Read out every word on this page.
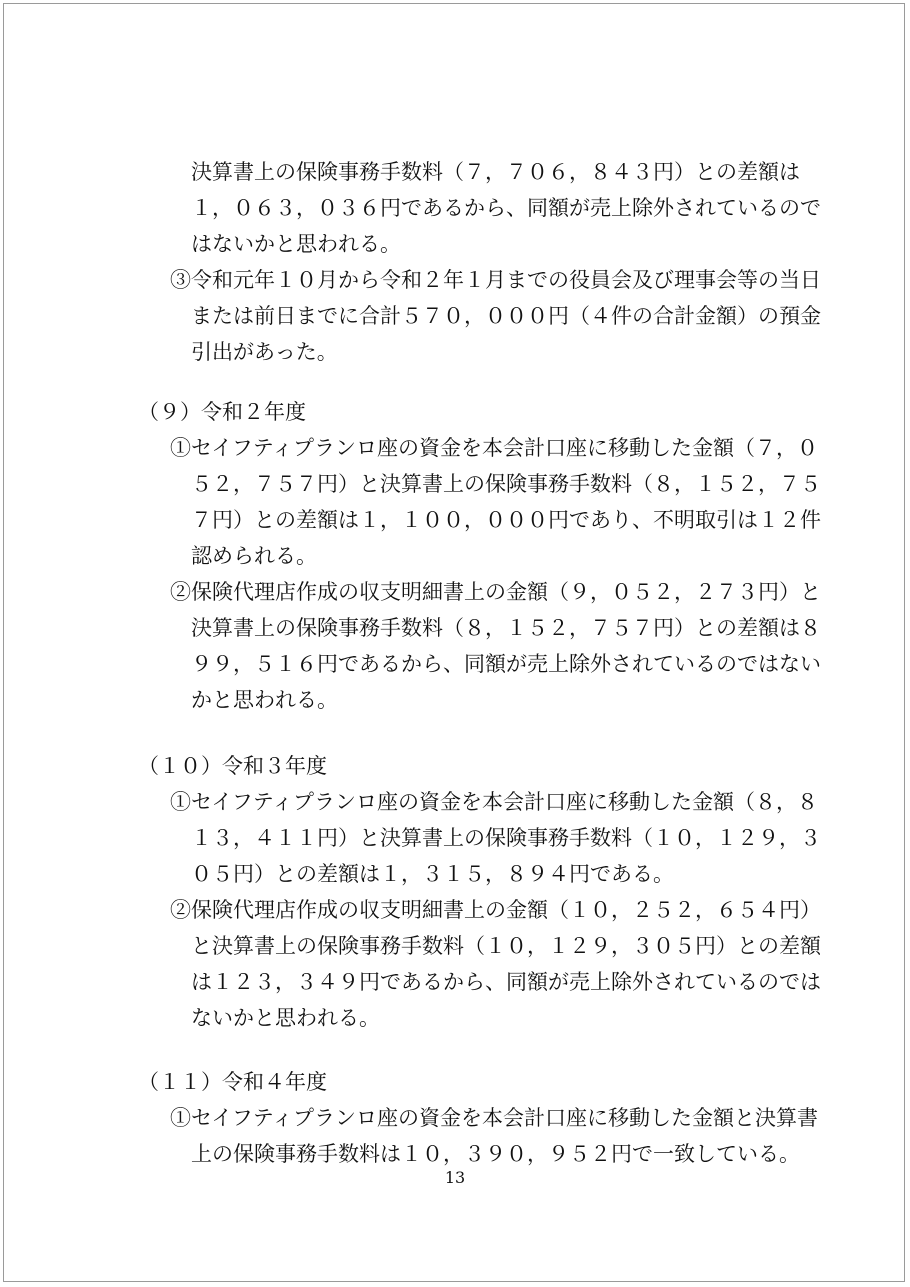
決算書上の保険事務手数料（７，７０６，８４３円）との差額は
１，０６３，０３６円であるから、同額が売上除外されているので
はないかと思われる。
③令和元年１０月から令和２年１月までの役員会及び理事会等の当日
または前日までに合計５７０，０００円（４件の合計金額）の預金
引出があった。
（９）令和２年度
①セイフティプランロ座の資金を本会計口座に移動した金額（７，０
５２，７５７円）と決算書上の保険事務手数料（８，１５２，７５
７円）との差額は１，１００，０００円であり、不明取引は１２件
認められる。
②保険代理店作成の収支明細書上の金額（９，０５２，２７３円）と
決算書上の保険事務手数料（８，１５２，７５７円）との差額は８
９９，５１６円であるから、同額が売上除外されているのではない
かと思われる。
（１０）令和３年度
①セイフティプランロ座の資金を本会計口座に移動した金額（８，８
１３，４１１円）と決算書上の保険事務手数料（１０，１２９，３
０５円）との差額は１，３１５，８９４円である。
②保険代理店作成の収支明細書上の金額（１０，２５２，６５４円）
と決算書上の保険事務手数料（１０，１２９，３０５円）との差額
は１２３，３４９円であるから、同額が売上除外されているのでは
ないかと思われる。
（１１）令和４年度
①セイフティプランロ座の資金を本会計口座に移動した金額と決算書
上の保険事務手数料は１０，３９０，９５２円で一致している。
13
